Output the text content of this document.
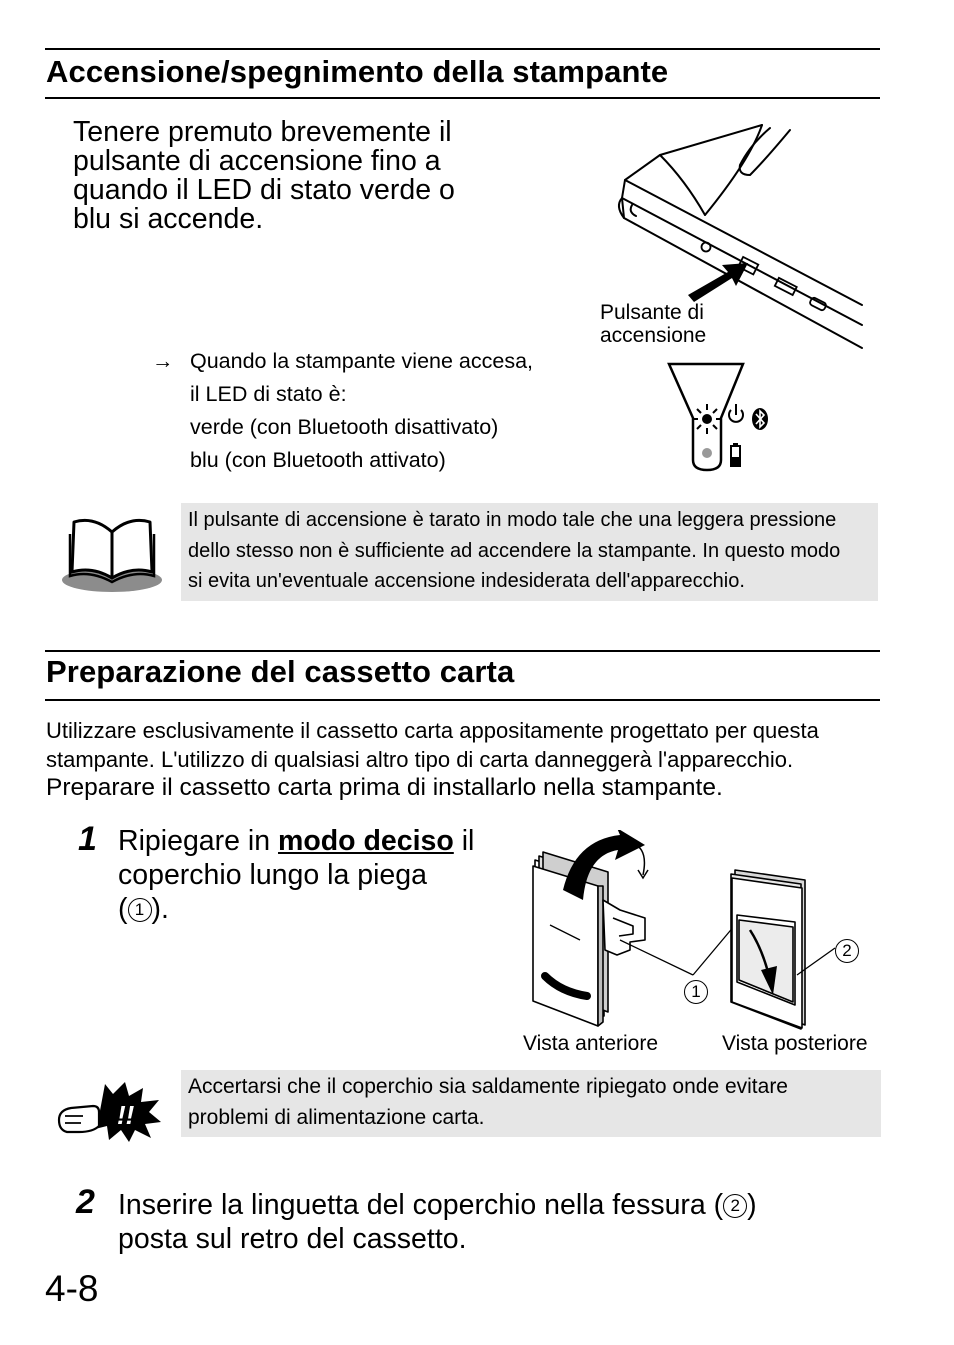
Accensione/spegnimento della stampante
Tenere premuto brevemente il
pulsante di accensione fino a
quando il LED di stato verde o
blu si accende.
Pulsante di
accensione
→ Quando la stampante viene accesa,
il LED di stato è:
verde (con Bluetooth disattivato)
blu (con Bluetooth attivato)
Il pulsante di accensione è tarato in modo tale che una leggera pressione
dello stesso non è sufficiente ad accendere la stampante. In questo modo
si evita un'eventuale accensione indesiderata dell'apparecchio.
Preparazione del cassetto carta
Utilizzare esclusivamente il cassetto carta appositamente progettato per questa
stampante. L'utilizzo di qualsiasi altro tipo di carta danneggerà l'apparecchio.
Preparare il cassetto carta prima di installarlo nella stampante.
1 Ripiegare in modo deciso il
coperchio lungo la piega
( 1 ).
1
2
Vista anteriore	Vista posteriore
!!
Accertarsi che il coperchio sia saldamente ripiegato onde evitare
problemi di alimentazione carta.
2 Inserire la linguetta del coperchio nella fessura ( 2 )
posta sul retro del cassetto.
4-8
